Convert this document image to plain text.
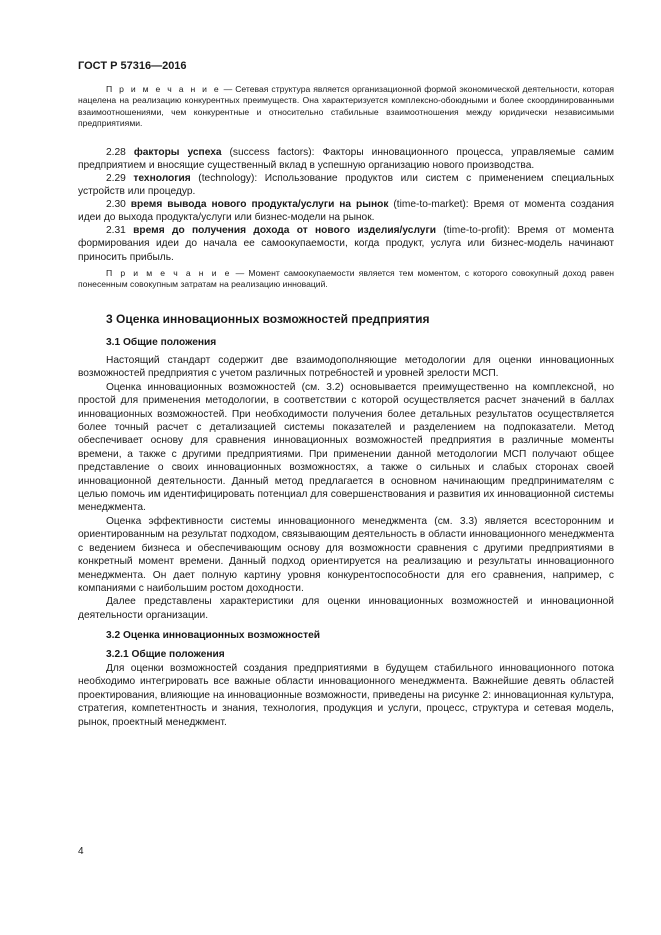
ГОСТ Р 57316—2016

П р и м е ч а н и е — Сетевая структура является организационной формой экономической деятельности, которая нацелена на реализацию конкурентных преимуществ. Она характеризуется комплексно-обоюдными и более скоординированными взаимоотношениями, чем конкурентные и относительно стабильные взаимоотношения между юридически независимыми предприятиями.

2.28 факторы успеха (success factors): Факторы инновационного процесса, управляемые самим предприятием и вносящие существенный вклад в успешную организацию нового производства.

2.29 технология (technology): Использование продуктов или систем с применением специальных устройств или процедур.

2.30 время вывода нового продукта/услуги на рынок (time-to-market): Время от момента создания идеи до выхода продукта/услуги или бизнес-модели на рынок.

2.31 время до получения дохода от нового изделия/услуги (time-to-profit): Время от момента формирования идеи до начала ее самоокупаемости, когда продукт, услуга или бизнес-модель начинают приносить прибыль.

П р и м е ч а н и е — Момент самоокупаемости является тем моментом, с которого совокупный доход равен понесенным совокупным затратам на реализацию инноваций.

3 Оценка инновационных возможностей предприятия
3.1 Общие положения

Настоящий стандарт содержит две взаимодополняющие методологии для оценки инновационных возможностей предприятия с учетом различных потребностей и уровней зрелости МСП.

Оценка инновационных возможностей (см. 3.2) основывается преимущественно на комплексной, но простой для применения методологии, в соответствии с которой осуществляется расчет значений в баллах инновационных возможностей. При необходимости получения более детальных результатов осуществляется более точный расчет с детализацией системы показателей и разделением на подпоказатели. Метод обеспечивает основу для сравнения инновационных возможностей предприятия в различные моменты времени, а также с другими предприятиями. При применении данной методологии МСП получают общее представление о своих инновационных возможностях, а также о сильных и слабых сторонах своей инновационной деятельности. Данный метод предлагается в основном начинающим предпринимателям с целью помочь им идентифицировать потенциал для совершенствования и развития их инновационной системы менеджмента.

Оценка эффективности системы инновационного менеджмента (см. 3.3) является всесторонним и ориентированным на результат подходом, связывающим деятельность в области инновационного менеджмента с ведением бизнеса и обеспечивающим основу для возможности сравнения с другими предприятиями в конкретный момент времени. Данный подход ориентируется на реализацию и результаты инновационного менеджмента. Он дает полную картину уровня конкурентоспособности для его сравнения, например, с компаниями с наибольшим ростом доходности.

Далее представлены характеристики для оценки инновационных возможностей и инновационной деятельности организации.

3.2 Оценка инновационных возможностей
3.2.1 Общие положения

Для оценки возможностей создания предприятиями в будущем стабильного инновационного потока необходимо интегрировать все важные области инновационного менеджмента. Важнейшие девять областей проектирования, влияющие на инновационные возможности, приведены на рисунке 2: инновационная культура, стратегия, компетентность и знания, технология, продукция и услуги, процесс, структура и сетевая модель, рынок, проектный менеджмент.

4
